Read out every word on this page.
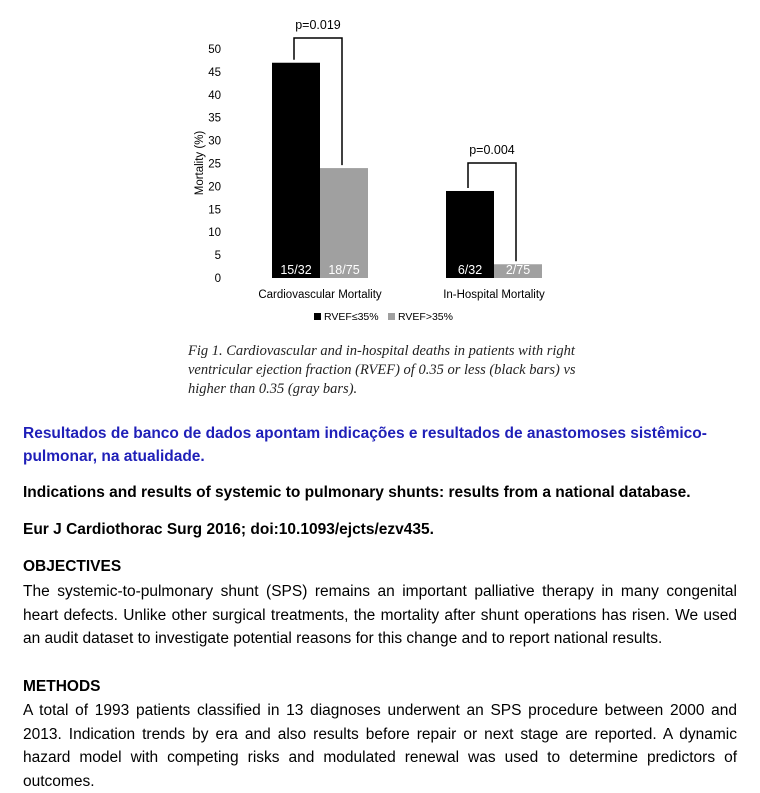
0
5
10
15
20
25
30
35
40
45
50
Mortality (%)
15/32 18/75	6/32 2/75
Cardiovascular Mortality	In-Hospital Mortality
p=0.019
p=0.004
RVEF≤35% RVEF>35%
Fig 1. Cardiovascular and in-hospital deaths in patients with right ventricular ejection fraction (RVEF) of 0.35 or less (black bars) vs higher than 0.35 (gray bars).
Resultados de banco de dados apontam indicações e resultados de anastomoses sistêmico-pulmonar, na atualidade.
Indications and results of systemic to pulmonary shunts: results from a national database.
Eur J Cardiothorac Surg 2016; doi:10.1093/ejcts/ezv435.
OBJECTIVES
The systemic-to-pulmonary shunt (SPS) remains an important palliative therapy in many congenital heart defects. Unlike other surgical treatments, the mortality after shunt operations has risen. We used an audit dataset to investigate potential reasons for this change and to report national results.
METHODS
A total of 1993 patients classified in 13 diagnoses underwent an SPS procedure between 2000 and 2013. Indication trends by era and also results before repair or next stage are reported. A dynamic hazard model with competing risks and modulated renewal was used to determine predictors of outcomes.
